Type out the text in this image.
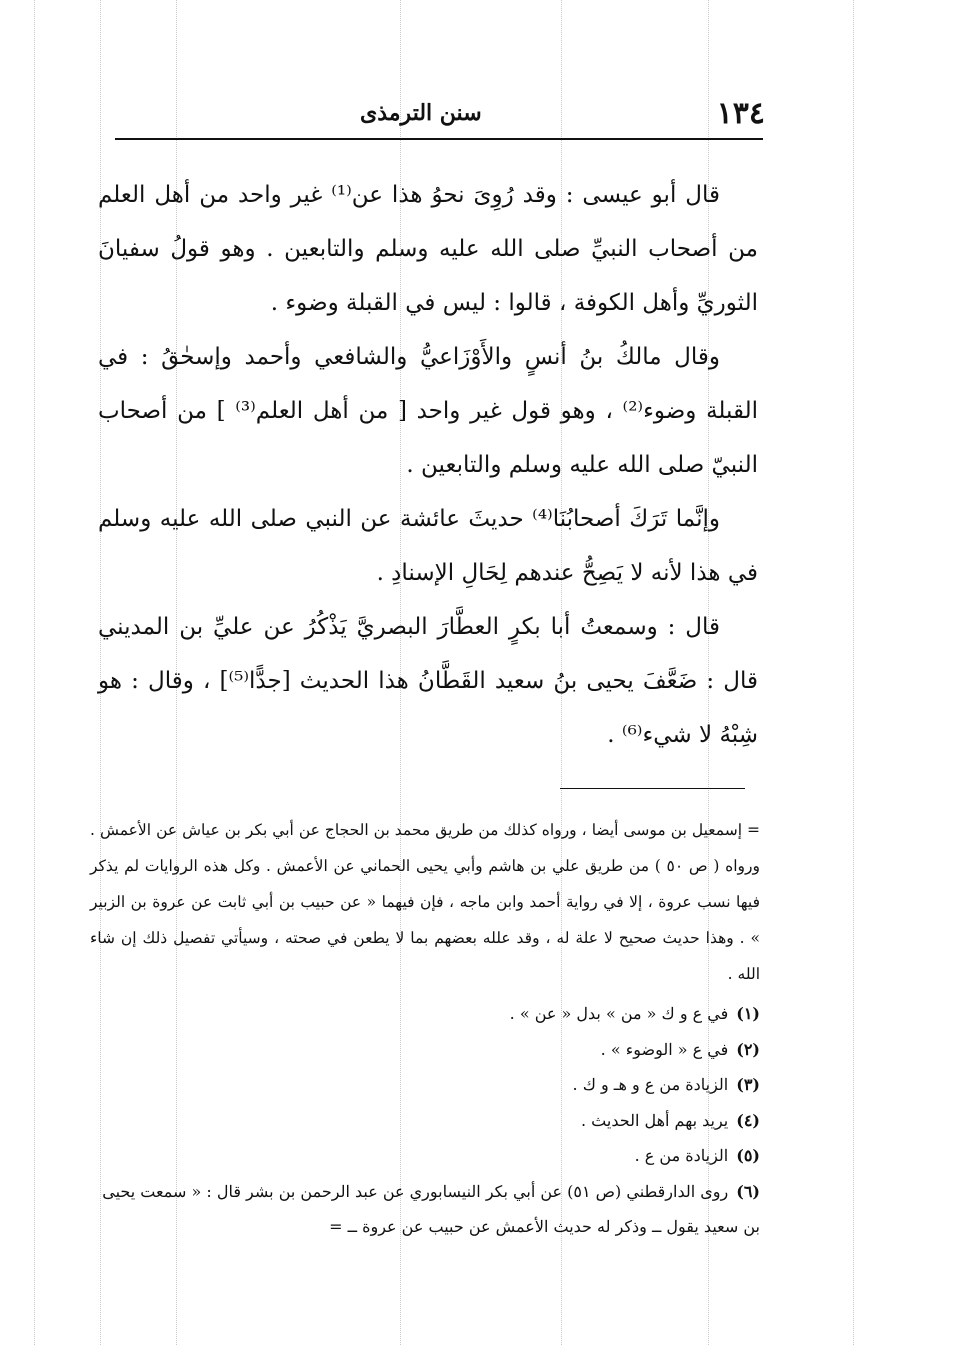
١٣٤
سنن الترمذی

قال أبو عيسى : وقد رُوِىَ نحوُ هذا عن⁽¹⁾ غير واحد من أهل العلم من أصحاب النبيِّ صلى الله عليه وسلم والتابعين . وهو قولُ سفيانَ الثوريِّ وأهل الكوفة ، قالوا : ليس في القبلة وضوء .

وقال مالكُ بنُ أنسٍ والأَوْزَاعيُّ والشافعي وأحمد وإسحٰقُ : في القبلة وضوء⁽²⁾ ، وهو قول غير واحد [ من أهل العلم⁽³⁾ ] من أصحاب النبيّ صلى الله عليه وسلم والتابعين .

وإنَّما تَرَكَ أصحابُنَا⁽⁴⁾ حديثَ عائشة عن النبي صلى الله عليه وسلم في هذا لأنه لا يَصِحُّ عندهم لِحَالِ الإسنادِ .

قال : وسمعتُ أبا بكرٍ العطَّارَ البصريَّ يَذْكُرُ عن عليِّ بن المديني قال : ضَعَّفَ يحيى بنُ سعيد القَطَّانُ هذا الحديث [جدًّا⁽⁵⁾] ، وقال : هو شِبْهُ لا شيء⁽⁶⁾ .

= إسمعيل بن موسى أيضا ، ورواه كذلك من طريق محمد بن الحجاج عن أبي بكر بن عياش عن الأعمش . ورواه ( ص ٥٠ ) من طريق علي بن هاشم وأبي يحيى الحماني عن الأعمش . وكل هذه الروايات لم يذكر فيها نسب عروة ، إلا في رواية أحمد وابن ماجه ، فإن فيهما « عن حبيب بن أبي ثابت عن عروة بن الزبير » . وهذا حديث صحيح لا علة له ، وقد علله بعضهم بما لا يطعن في صحته ، وسيأتي تفصيل ذلك إن شاء الله .

(١)في ع و ك « من » بدل « عن » .
(٢)في ع « الوضوء » .
(٣)الزيادة من ع و هـ و ك .
(٤)يريد بهم أهل الحديث .
(٥)الزيادة من ع .
(٦)روى الدارقطني (ص ٥١) عن أبي بكر النيسابوري عن عبد الرحمن بن بشر قال : « سمعت يحيى بن سعيد يقول ــ وذكر له حديث الأعمش عن حبيب عن عروة ــ =
